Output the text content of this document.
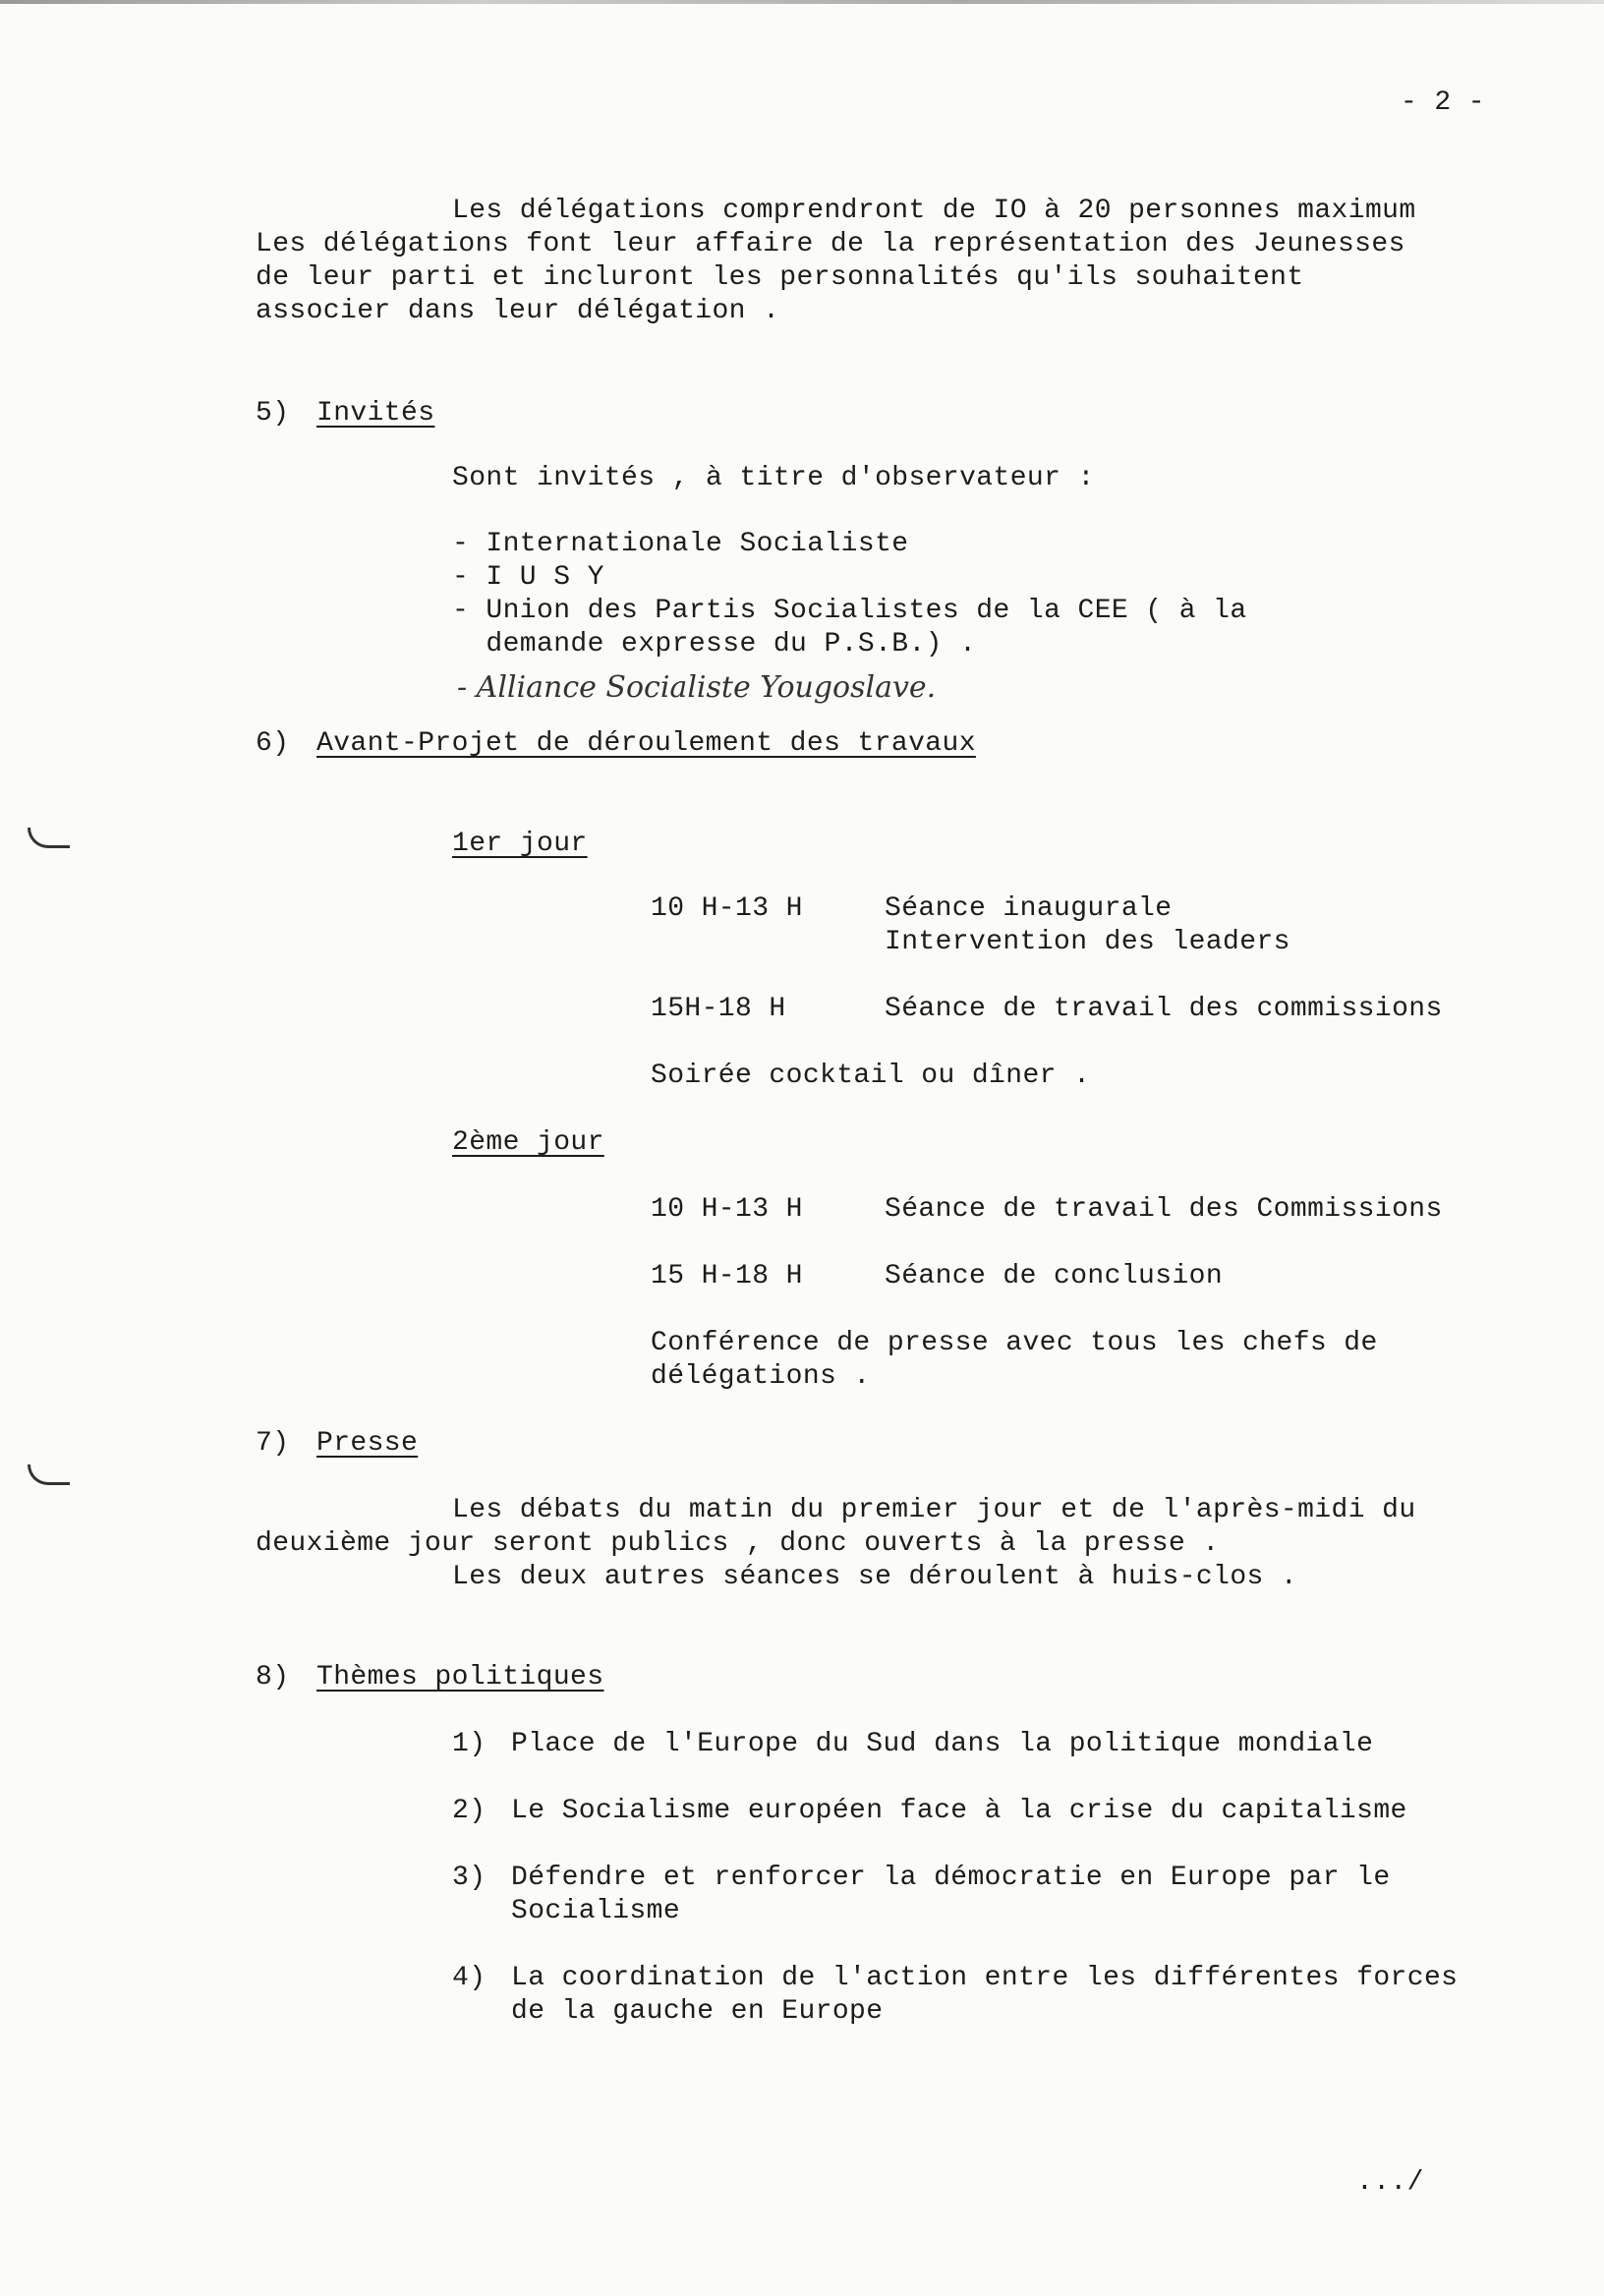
- 2 -
Les délégations comprendront de IO à 20 personnes maximum
Les délégations font leur affaire de la représentation des Jeunesses
de leur parti et incluront les personnalités qu'ils souhaitent
associer dans leur délégation .
5) Invités
Sont invités , à titre d'observateur :
- Internationale Socialiste
- I U S Y
- Union des Partis Socialistes de la CEE ( à la
demande expresse du P.S.B.) .
- Alliance Socialiste Yougoslave.
6) Avant-Projet de déroulement des travaux
1er jour
10 H-13 H	Séance inaugurale
Intervention des leaders
15H-18 H	Séance de travail des commissions
Soirée cocktail ou dîner .
2ème jour
10 H-13 H	Séance de travail des Commissions
15 H-18 H	Séance de conclusion
Conférence de presse avec tous les chefs de
délégations .
7) Presse
Les débats du matin du premier jour et de l'après-midi du
deuxième jour seront publics , donc ouverts à la presse .
Les deux autres séances se déroulent à huis-clos .
8) Thèmes politiques
1) Place de l'Europe du Sud dans la politique mondiale
2) Le Socialisme européen face à la crise du capitalisme
3) Défendre et renforcer la démocratie en Europe par le
Socialisme
4) La coordination de l'action entre les différentes forces
de la gauche en Europe
.../
